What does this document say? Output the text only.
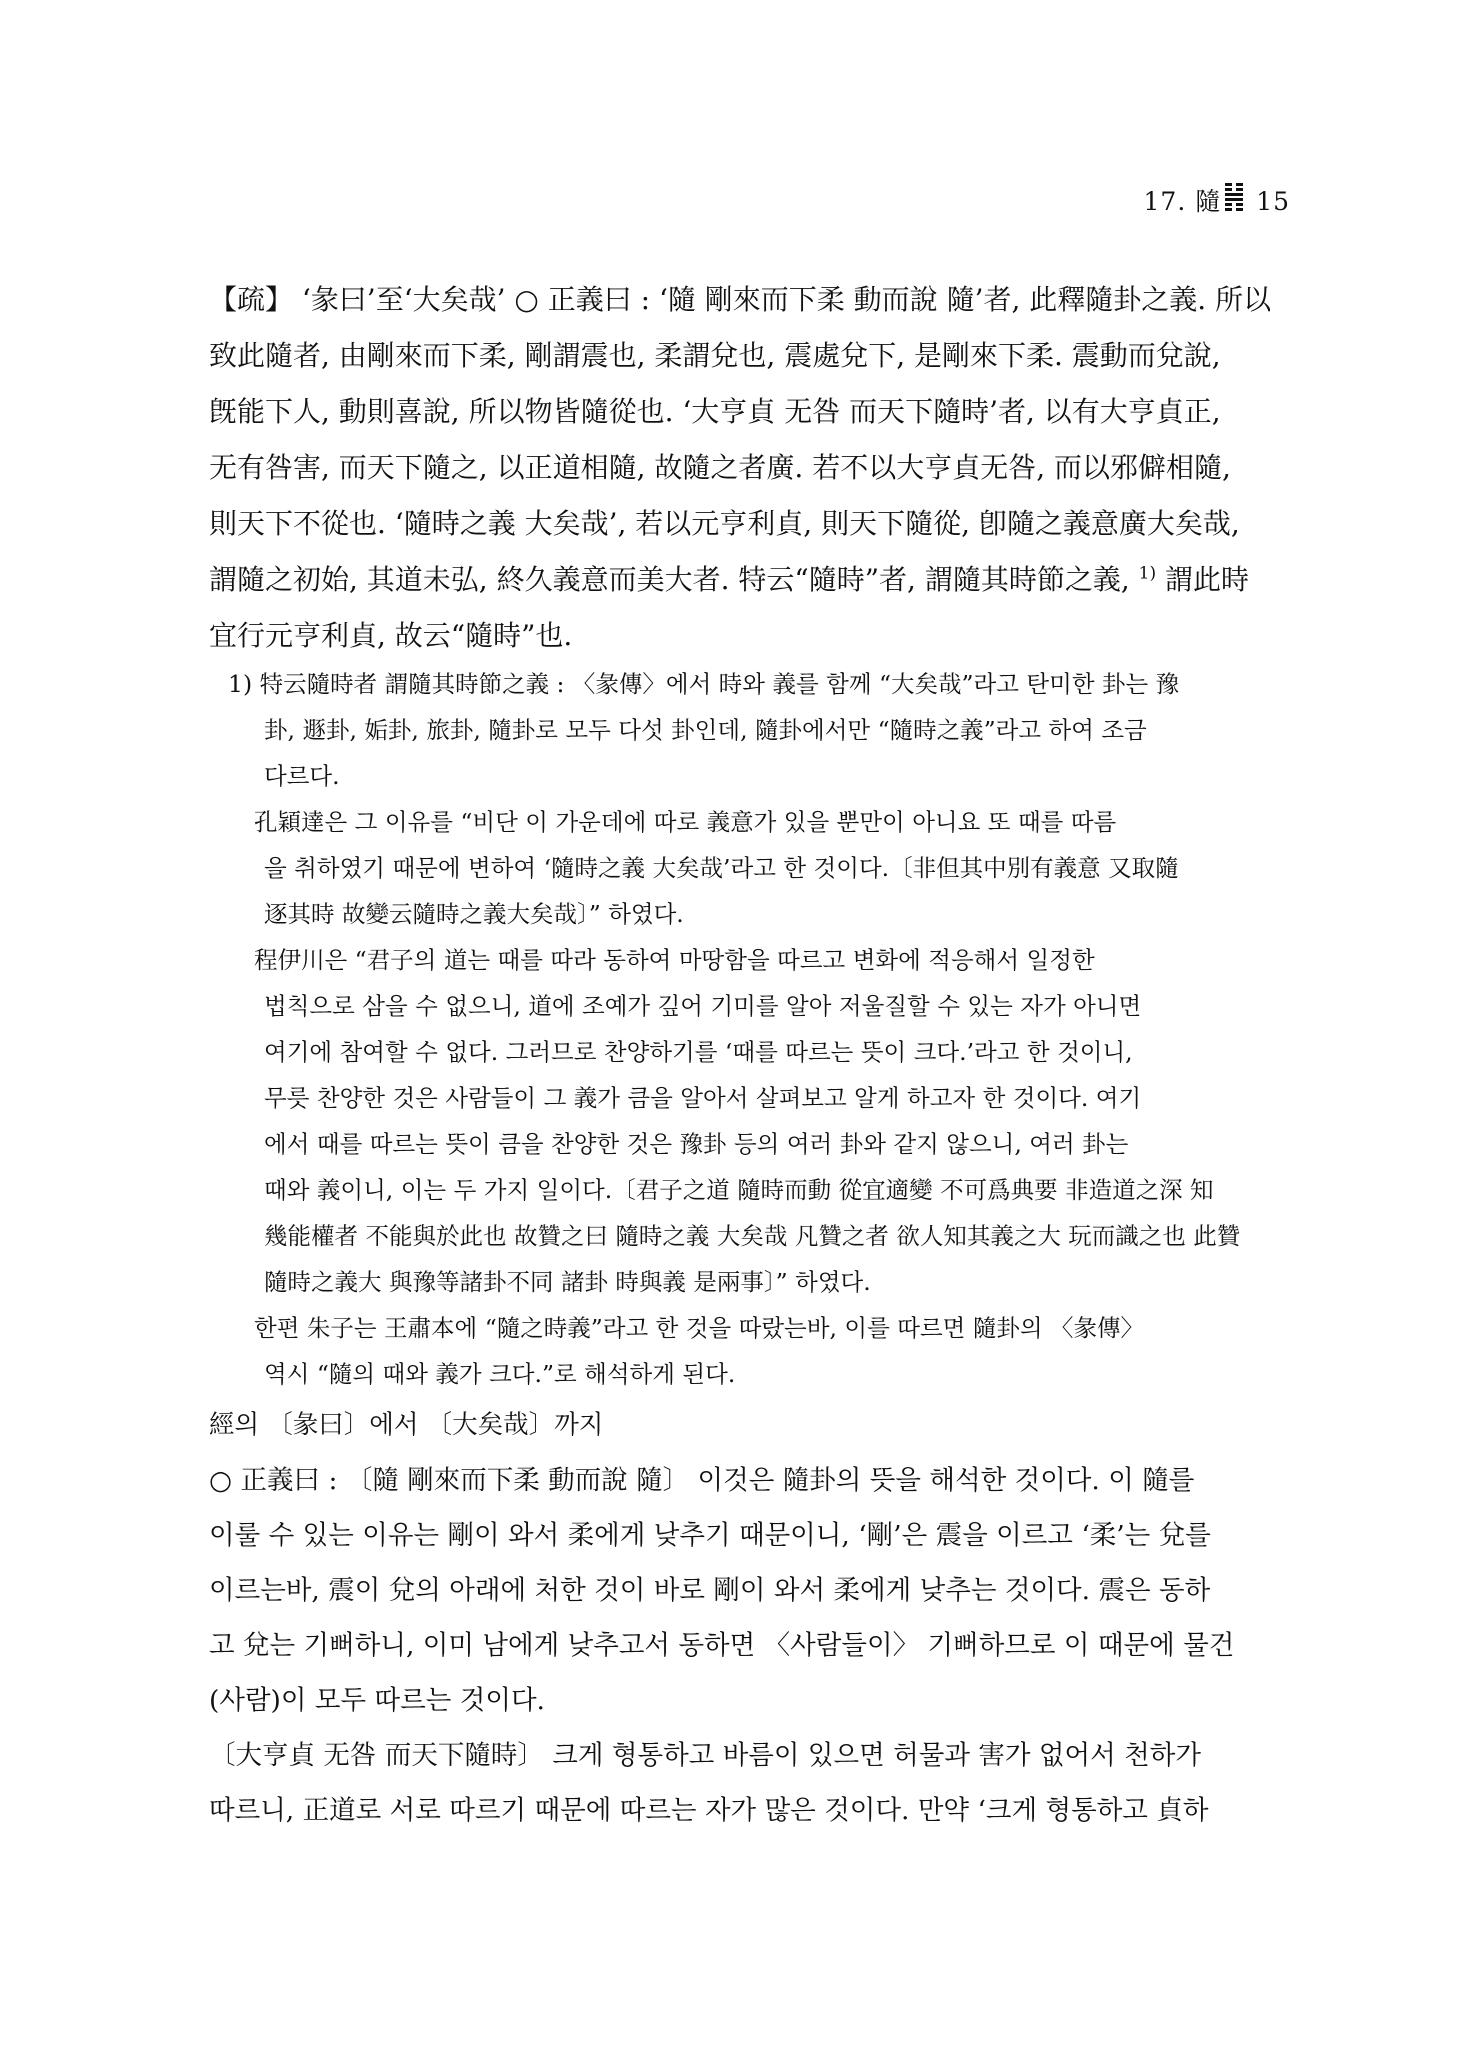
17. 隨 15
【疏】 ‘彖曰’至‘大矣哉’ ○ 正義曰 : ‘隨 剛來而下柔 動而說 隨’者, 此釋隨卦之義. 所以
致此隨者, 由剛來而下柔, 剛謂震也, 柔謂兌也, 震處兌下, 是剛來下柔. 震動而兌說,
旣能下人, 動則喜說, 所以物皆隨從也. ‘大亨貞 无咎 而天下隨時’者, 以有大亨貞正,
无有咎害, 而天下隨之, 以正道相隨, 故隨之者廣. 若不以大亨貞无咎, 而以邪僻相隨,
則天下不從也. ‘隨時之義 大矣哉’, 若以元亨利貞, 則天下隨從, 卽隨之義意廣大矣哉,
謂隨之初始, 其道未弘, 終久義意而美大者. 特云“隨時”者, 謂隨其時節之義, $^{1)}$ 謂此時
宜行元亨利貞, 故云“隨時”也.
1) 特云隨時者 謂隨其時節之義 : 〈彖傳〉에서 時와 義를 함께 “大矣哉”라고 탄미한 卦는 豫
卦, 遯卦, 姤卦, 旅卦, 隨卦로 모두 다섯 卦인데, 隨卦에서만 “隨時之義”라고 하여 조금
다르다.
孔穎達은 그 이유를 “비단 이 가운데에 따로 義意가 있을 뿐만이 아니요 또 때를 따름
을 취하였기 때문에 변하여 ‘隨時之義 大矣哉’라고 한 것이다.〔非但其中別有義意 又取隨
逐其時 故變云隨時之義大矣哉〕” 하였다.
程伊川은 “君子의 道는 때를 따라 동하여 마땅함을 따르고 변화에 적응해서 일정한
법칙으로 삼을 수 없으니, 道에 조예가 깊어 기미를 알아 저울질할 수 있는 자가 아니면
여기에 참여할 수 없다. 그러므로 찬양하기를 ‘때를 따르는 뜻이 크다.’라고 한 것이니,
무릇 찬양한 것은 사람들이 그 義가 큼을 알아서 살펴보고 알게 하고자 한 것이다. 여기
에서 때를 따르는 뜻이 큼을 찬양한 것은 豫卦 등의 여러 卦와 같지 않으니, 여러 卦는
때와 義이니, 이는 두 가지 일이다.〔君子之道 隨時而動 從宜適變 不可爲典要 非造道之深 知
幾能權者 不能與於此也 故贊之曰 隨時之義 大矣哉 凡贊之者 欲人知其義之大 玩而識之也 此贊
隨時之義大 與豫等諸卦不同 諸卦 時與義 是兩事〕” 하였다.
한편 朱子는 王肅本에 “隨之時義”라고 한 것을 따랐는바, 이를 따르면 隨卦의 〈彖傳〉
역시 “隨의 때와 義가 크다.”로 해석하게 된다.
經의 〔彖曰〕에서 〔大矣哉〕까지
○ 正義曰 : 〔隨 剛來而下柔 動而說 隨〕 이것은 隨卦의 뜻을 해석한 것이다. 이 隨를
이룰 수 있는 이유는 剛이 와서 柔에게 낮추기 때문이니, ‘剛’은 震을 이르고 ‘柔’는 兌를
이르는바, 震이 兌의 아래에 처한 것이 바로 剛이 와서 柔에게 낮추는 것이다. 震은 동하
고 兌는 기뻐하니, 이미 남에게 낮추고서 동하면 〈사람들이〉 기뻐하므로 이 때문에 물건
(사람)이 모두 따르는 것이다.
〔大亨貞 无咎 而天下隨時〕 크게 형통하고 바름이 있으면 허물과 害가 없어서 천하가
따르니, 正道로 서로 따르기 때문에 따르는 자가 많은 것이다. 만약 ‘크게 형통하고 貞하
